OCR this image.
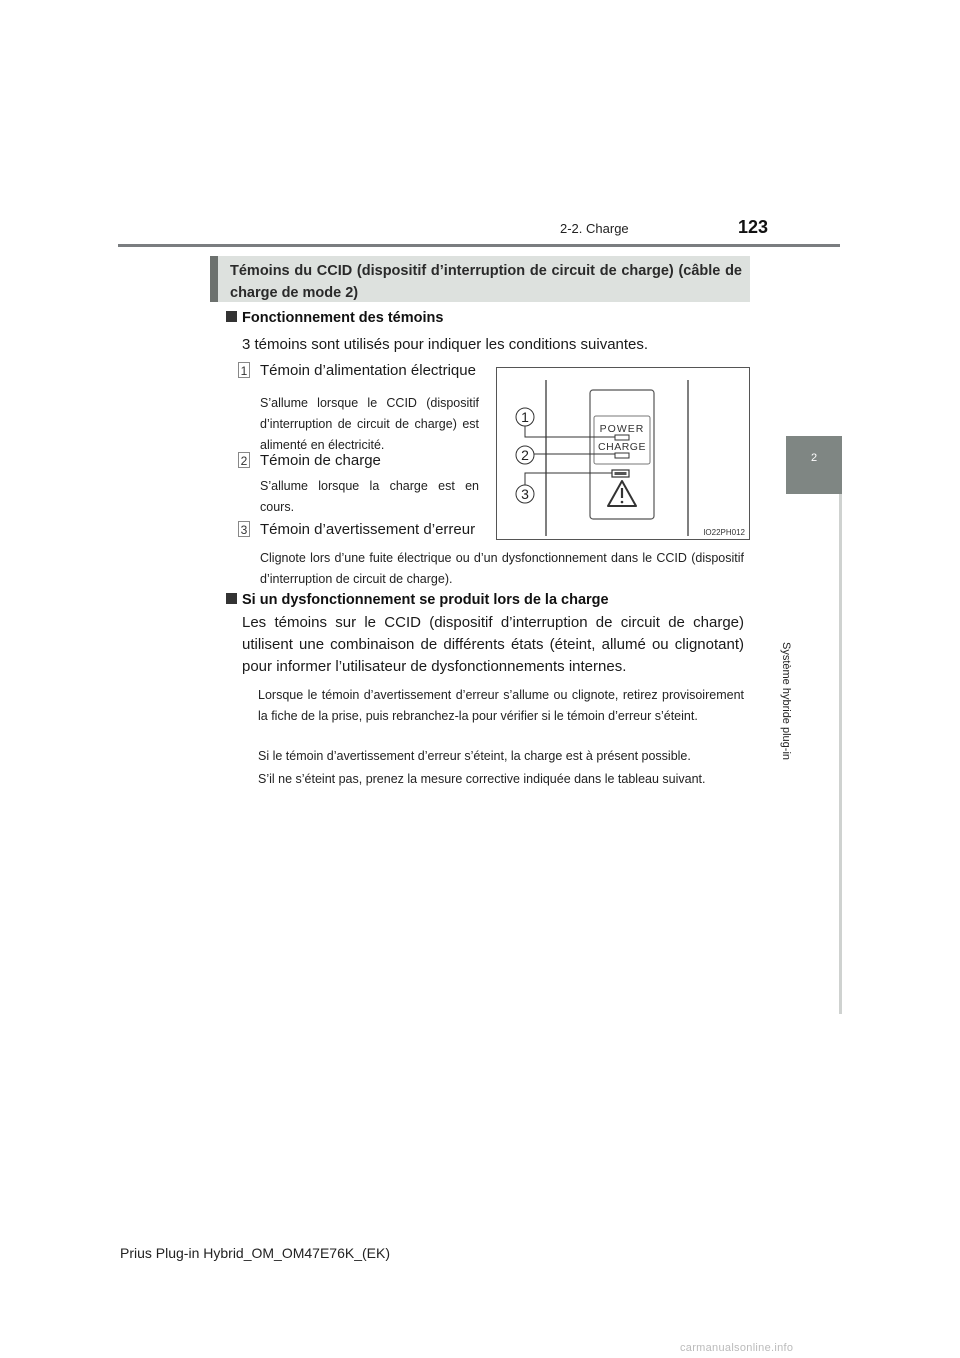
2-2. Charge	123
2
Système hybride plug-in
Témoins du CCID (dispositif d’interruption de circuit de charge) (câble de charge de mode 2)
Fonctionnement des témoins
3 témoins sont utilisés pour indiquer les conditions suivantes.
1 Témoin d’alimentation électrique
S’allume lorsque le CCID (dispositif d’interruption de circuit de charge) est alimenté en électricité.
2 Témoin de charge
S’allume lorsque la charge est en cours.
3 Témoin d’avertissement d’erreur
Clignote lors d’une fuite électrique ou d’un dysfonctionnement dans le CCID (dispositif d’interruption de circuit de charge).
POWER
CHARGE
1
2
3
IO22PH012
Si un dysfonctionnement se produit lors de la charge
Les témoins sur le CCID (dispositif d’interruption de circuit de charge) utilisent une combinaison de différents états (éteint, allumé ou clignotant) pour informer l’utilisateur de dysfonctionnements internes.
Lorsque le témoin d’avertissement d’erreur s’allume ou clignote, retirez provisoirement la fiche de la prise, puis rebranchez-la pour vérifier si le témoin d’erreur s’éteint.
Si le témoin d’avertissement d’erreur s’éteint, la charge est à présent possible.
S’il ne s’éteint pas, prenez la mesure corrective indiquée dans le tableau suivant.
Prius Plug-in Hybrid_OM_OM47E76K_(EK)
carmanualsonline.info
